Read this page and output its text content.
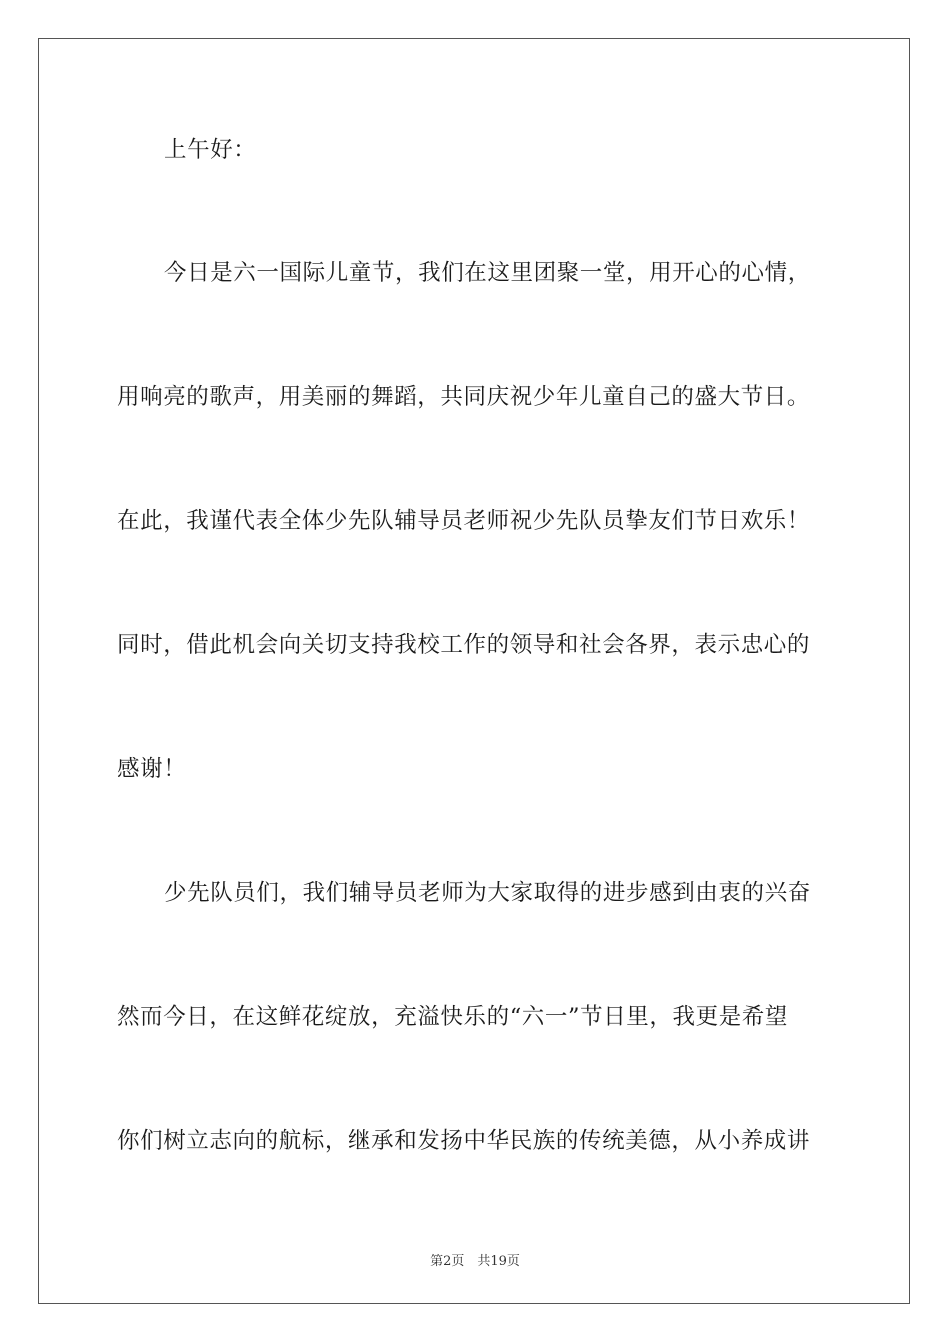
上午好：
今日是六一国际儿童节，我们在这里团聚一堂，用开心的心情，
用响亮的歌声，用美丽的舞蹈，共同庆祝少年儿童自己的盛大节日。
在此，我谨代表全体少先队辅导员老师祝少先队员挚友们节日欢乐！
同时，借此机会向关切支持我校工作的领导和社会各界，表示忠心的
感谢！
少先队员们，我们辅导员老师为大家取得的进步感到由衷的兴奋
然而今日，在这鲜花绽放，充溢快乐的“六一”节日里，我更是希望
你们树立志向的航标，继承和发扬中华民族的传统美德，从小养成讲
第2页　共19页
